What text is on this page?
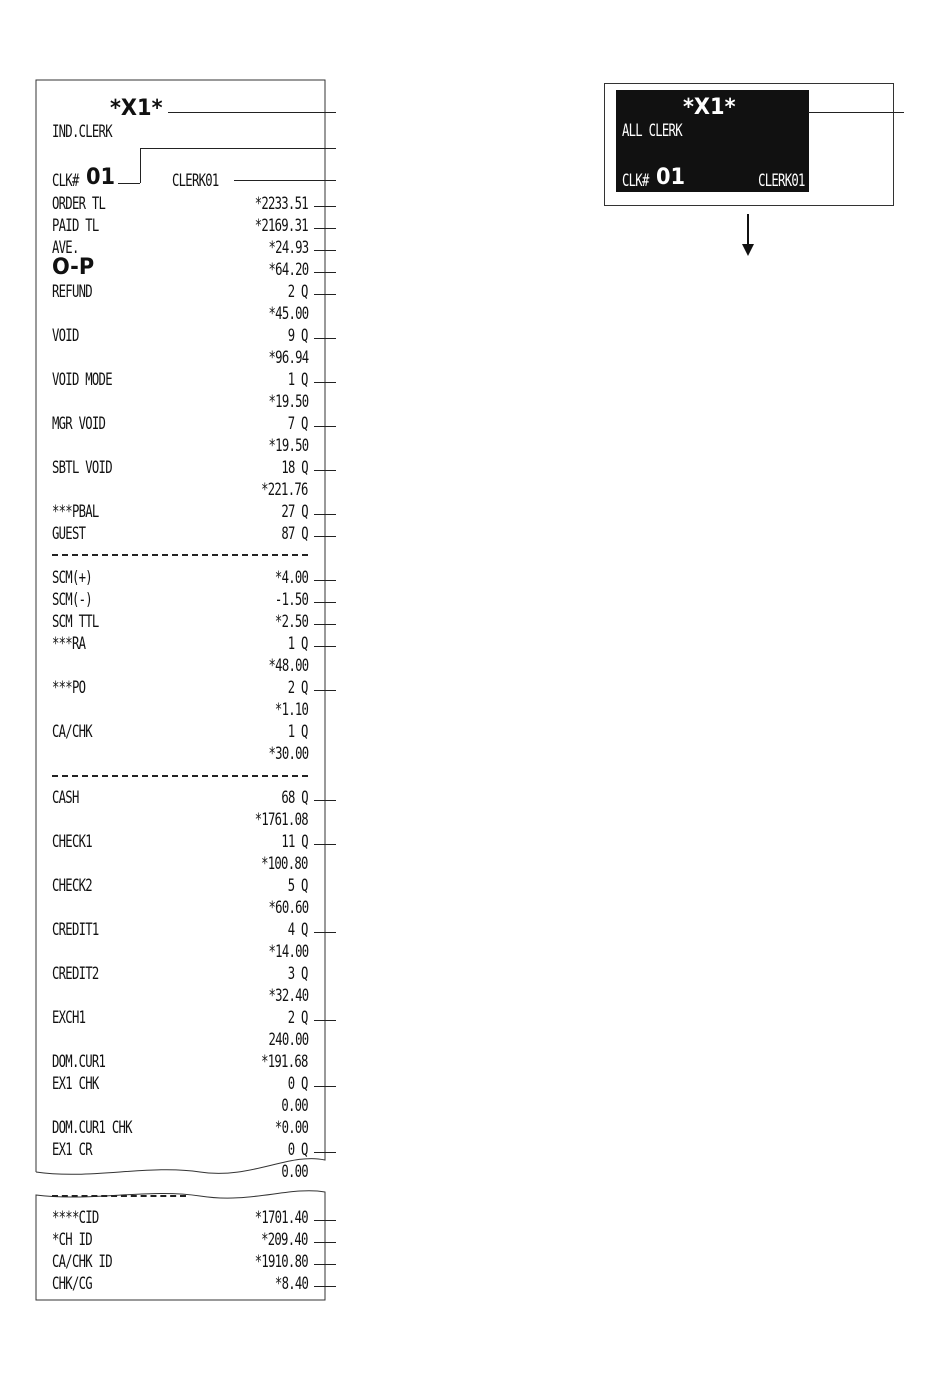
*X1*
IND.CLERK
CLK# 01	CLERK01
ORDER TL	*2233.51
PAID TL	*2169.31
AVE.	*24.93
O-P	*64.20
REFUND	2 Q
*45.00
VOID	9 Q
*96.94
VOID MODE	1 Q
*19.50
MGR VOID	7 Q
*19.50
SBTL VOID	18 Q
*221.76
***PBAL	27 Q
GUEST	87 Q
SCM(+)	*4.00
SCM(-)	-1.50
SCM TTL	*2.50
***RA	1 Q
*48.00
***PO	2 Q
*1.10
CA/CHK	1 Q
*30.00
CASH	68 Q
*1761.08
CHECK1	11 Q
*100.80
CHECK2	5 Q
*60.60
CREDIT1	4 Q
*14.00
CREDIT2	3 Q
*32.40
EXCH1	2 Q
240.00
DOM.CUR1	*191.68
EX1 CHK	0 Q
0.00
DOM.CUR1 CHK	*0.00
EX1 CR	0 Q
0.00
****CID	*1701.40
*CH ID	*209.40
CA/CHK ID	*1910.80
CHK/CG	*8.40
*X1*
ALL CLERK
CLK# 01	CLERK01
